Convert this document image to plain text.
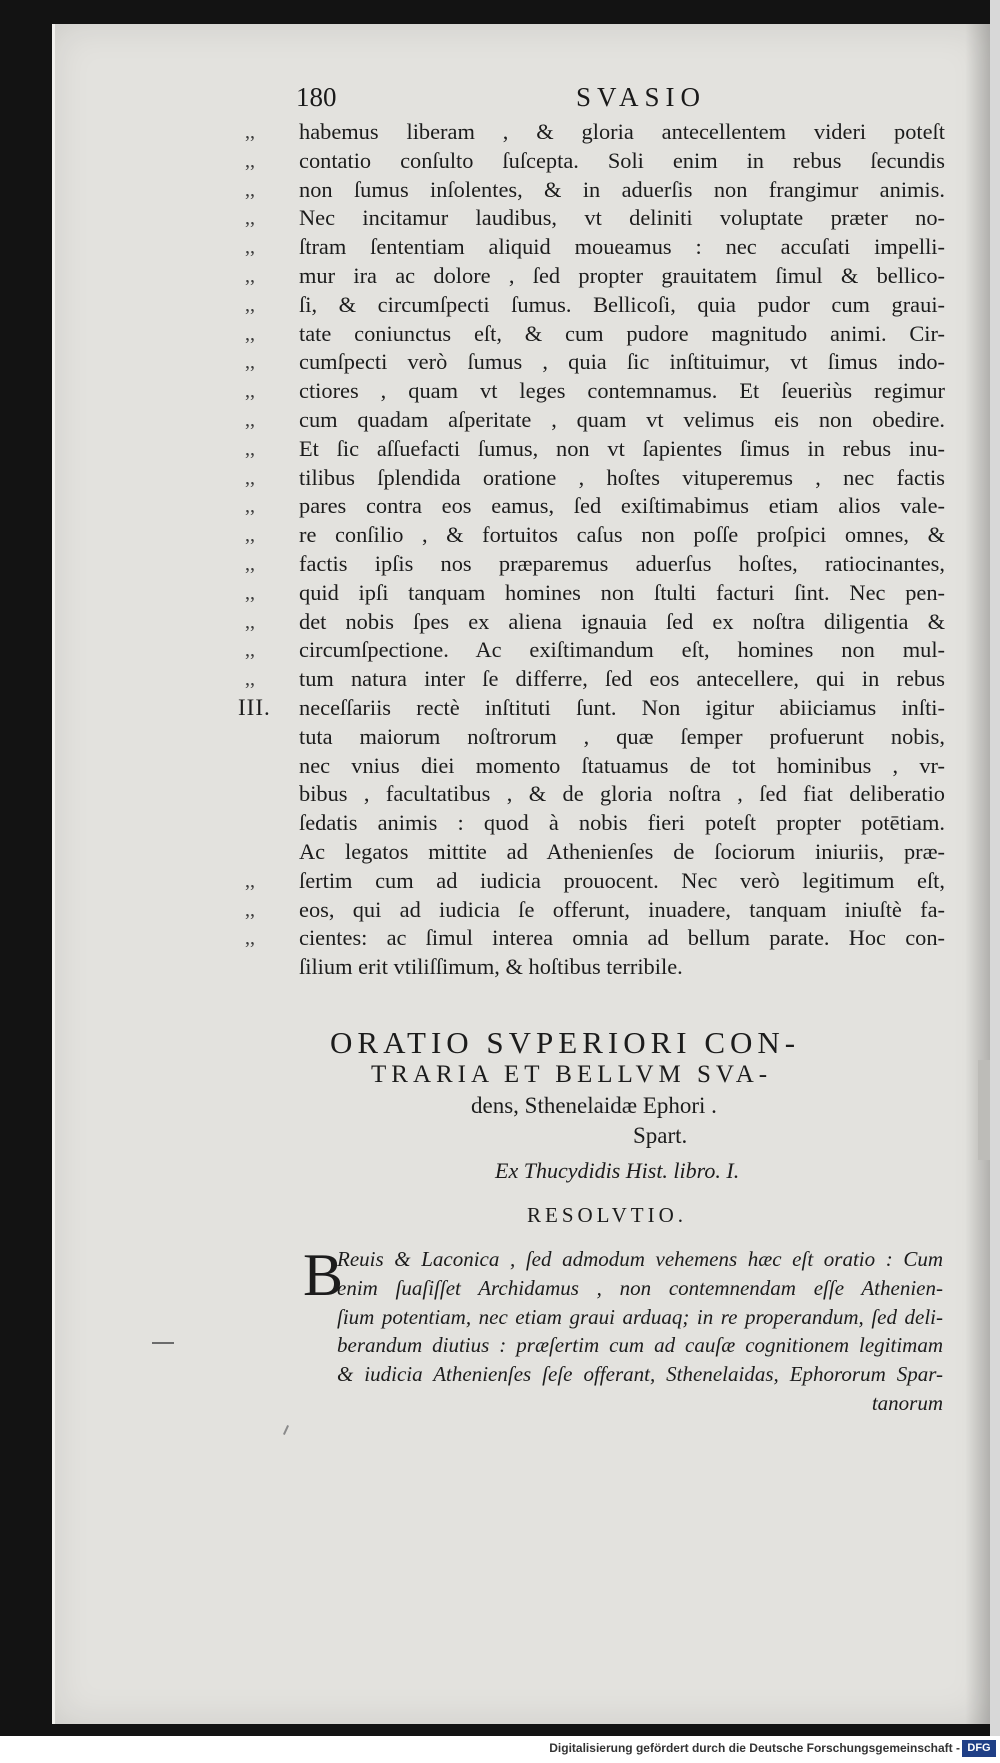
180	SVASIO
,,	habemus liberam , & gloria antecellentem videri poteſt
,,	contatio conſulto ſuſcepta. Soli enim in rebus ſecundis
,,	non ſumus inſolentes, & in aduerſis non frangimur animis.
,,	Nec incitamur laudibus, vt deliniti voluptate præter no-
,,	ſtram ſententiam aliquid moueamus : nec accuſati impelli-
,,	mur ira ac dolore , ſed propter grauitatem ſimul & bellico-
,,	ſi, & circumſpecti ſumus. Bellicoſi, quia pudor cum graui-
,,	tate coniunctus eſt, & cum pudore magnitudo animi. Cir-
,,	cumſpecti verò ſumus , quia ſic inſtituimur, vt ſimus indo-
,,	ctiores , quam vt leges contemnamus. Et ſeueriùs regimur
,,	cum quadam aſperitate , quam vt velimus eis non obedire.
,,	Et ſic aſſuefacti ſumus, non vt ſapientes ſimus in rebus inu-
,,	tilibus ſplendida oratione , hoſtes vituperemus , nec factis
,,	pares contra eos eamus, ſed exiſtimabimus etiam alios vale-
,,	re conſilio , & fortuitos caſus non poſſe proſpici omnes, &
,,	factis ipſis nos præparemus aduerſus hoſtes, ratiocinantes,
,,	quid ipſi tanquam homines non ſtulti facturi ſint. Nec pen-
,,	det nobis ſpes ex aliena ignauia ſed ex noſtra diligentia &
,,	circumſpectione. Ac exiſtimandum eſt, homines non mul-
,,	tum natura inter ſe differre, ſed eos antecellere, qui in rebus
III.	neceſſariis rectè inſtituti ſunt. Non igitur abiiciamus inſti-
tuta maiorum noſtrorum , quæ ſemper profuerunt nobis,
nec vnius diei momento ſtatuamus de tot hominibus , vr-
bibus , facultatibus , & de gloria noſtra , ſed fiat deliberatio
ſedatis animis : quod à nobis fieri poteſt propter potētiam.
Ac legatos mittite ad Athenienſes de ſociorum iniuriis, præ-
,,	ſertim cum ad iudicia prouocent. Nec verò legitimum eſt,
,,	eos, qui ad iudicia ſe offerunt, inuadere, tanquam iniuſtè fa-
,,	cientes: ac ſimul interea omnia ad bellum parate. Hoc con-
ſilium erit vtiliſſimum, & hoſtibus terribile.
ORATIO SVPERIORI CON-
TRARIA ET BELLVM SVA-
dens, Sthenelaidæ Ephori .
Spart.
Ex Thucydidis Hist. libro. I.
RESOLVTIO.
B
Reuis & Laconica , ſed admodum vehemens hæc eſt oratio : Cum
enim ſuaſiſſet Archidamus , non contemnendam eſſe Athenien-
ſium potentiam, nec etiam graui arduaq; in re properandum, ſed deli-
berandum diutius : præſertim cum ad cauſæ cognitionem legitimam
& iudicia Athenienſes ſeſe offerant, Sthenelaidas, Ephororum Spar-
tanorum
Digitalisierung gefördert durch die Deutsche Forschungsgemeinschaft - DFG
